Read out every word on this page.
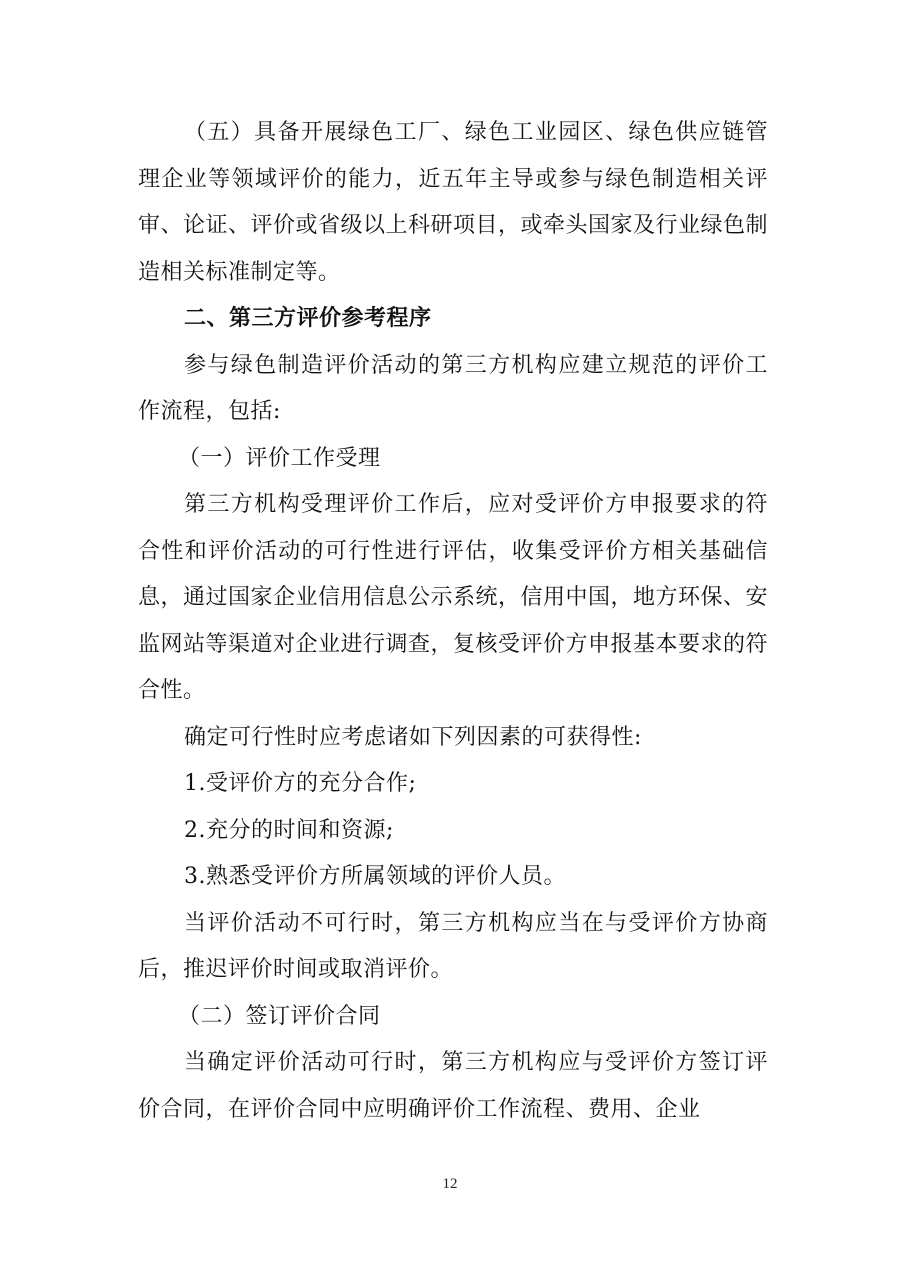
（五）具备开展绿色工厂、绿色工业园区、绿色供应链管理企业等领域评价的能力，近五年主导或参与绿色制造相关评审、论证、评价或省级以上科研项目，或牵头国家及行业绿色制造相关标准制定等。

二、第三方评价参考程序

参与绿色制造评价活动的第三方机构应建立规范的评价工作流程，包括:

（一）评价工作受理

第三方机构受理评价工作后，应对受评价方申报要求的符合性和评价活动的可行性进行评估，收集受评价方相关基础信息，通过国家企业信用信息公示系统，信用中国，地方环保、安监网站等渠道对企业进行调查，复核受评价方申报基本要求的符合性。

确定可行性时应考虑诸如下列因素的可获得性:

1.受评价方的充分合作;

2.充分的时间和资源;

3.熟悉受评价方所属领域的评价人员。

当评价活动不可行时，第三方机构应当在与受评价方协商后，推迟评价时间或取消评价。

（二）签订评价合同

当确定评价活动可行时，第三方机构应与受评价方签订评价合同，在评价合同中应明确评价工作流程、费用、企业

12
